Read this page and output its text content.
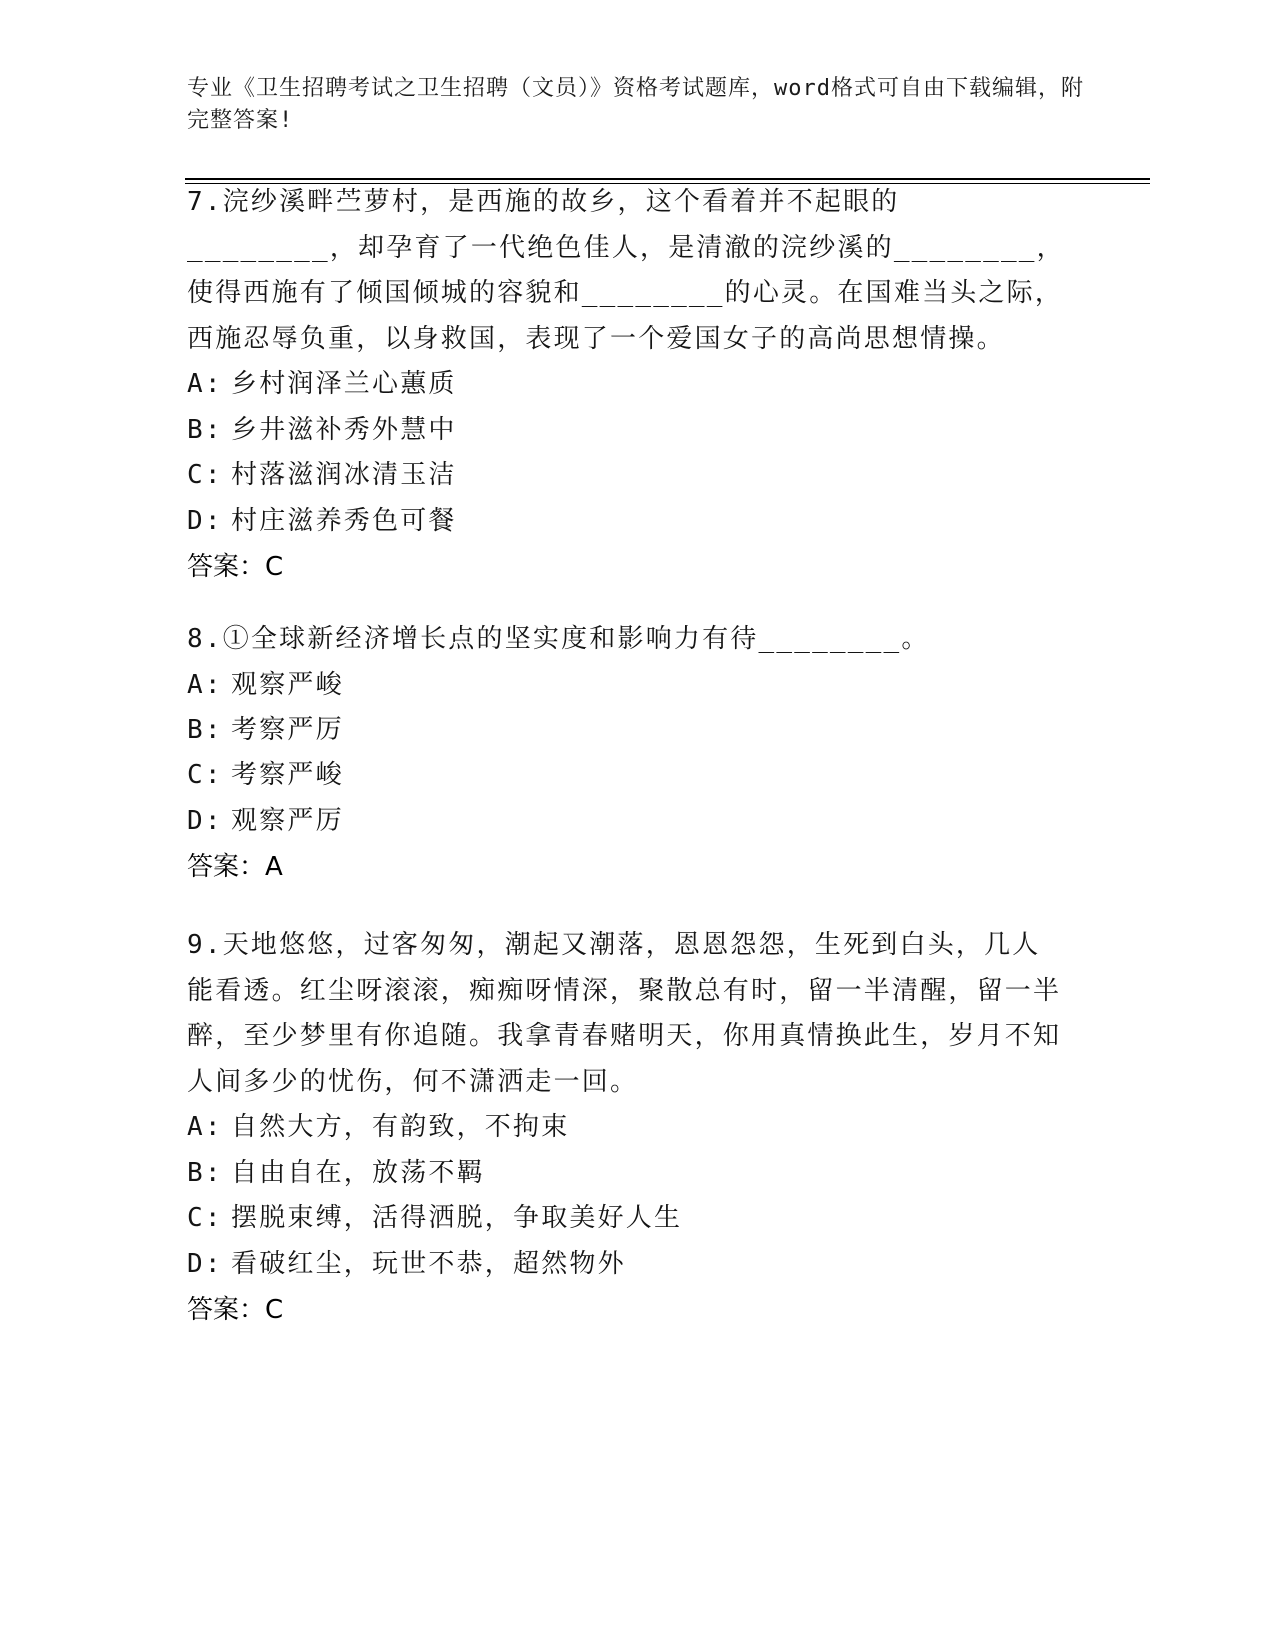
专业《卫生招聘考试之卫生招聘（文员）》资格考试题库，word格式可自由下载编辑，附完整答案!

7.浣纱溪畔苎萝村，是西施的故乡，这个看着并不起眼的________，却孕育了一代绝色佳人，是清澈的浣纱溪的________，使得西施有了倾国倾城的容貌和________的心灵。在国难当头之际，西施忍辱负重，以身救国，表现了一个爱国女子的高尚思想情操。

A: 乡村润泽兰心蕙质
B: 乡井滋补秀外慧中
C: 村落滋润冰清玉洁
D: 村庄滋养秀色可餐

答案：C

8.①全球新经济增长点的坚实度和影响力有待________。

A: 观察严峻
B: 考察严厉
C: 考察严峻
D: 观察严厉

答案：A

9.天地悠悠，过客匆匆，潮起又潮落，恩恩怨怨，生死到白头，几人能看透。红尘呀滚滚，痴痴呀情深，聚散总有时，留一半清醒，留一半醉，至少梦里有你追随。我拿青春赌明天，你用真情换此生，岁月不知人间多少的忧伤，何不潇洒走一回。

A: 自然大方，有韵致，不拘束
B: 自由自在，放荡不羁
C: 摆脱束缚，活得洒脱，争取美好人生
D: 看破红尘，玩世不恭，超然物外

答案：C
